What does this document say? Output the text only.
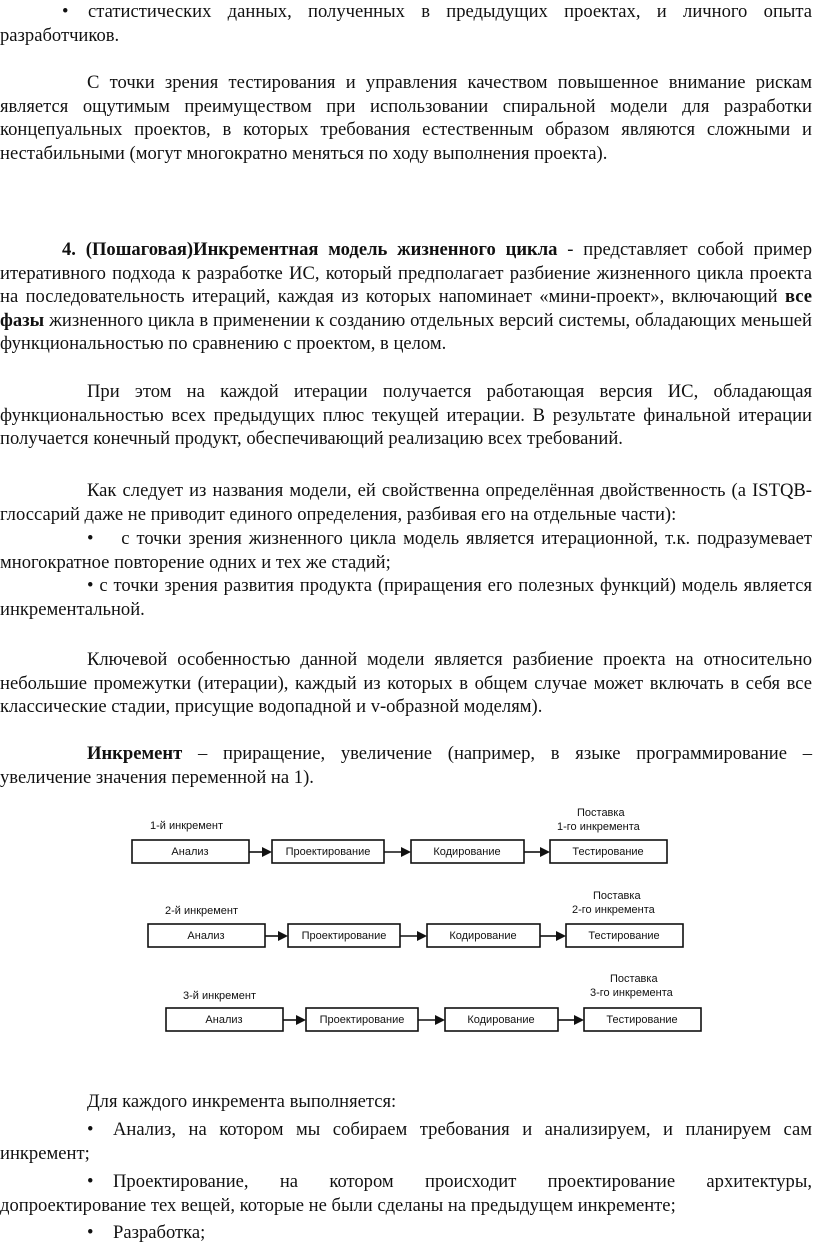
• статистических данных, полученных в предыдущих проектах, и личного опыта разработчиков.

С точки зрения тестирования и управления качеством повышенное внимание рискам является ощутимым преимуществом при использовании спиральной модели для разработки концепуальных проектов, в которых требования естественным образом являются сложными и нестабильными (могут многократно меняться по ходу выполнения проекта).

4. (Пошаговая)Инкрементная модель жизненного цикла - представляет собой пример итеративного подхода к разработке ИС, который предполагает разбиение жизненного цикла проекта на последовательность итераций, каждая из которых напоминает «мини-проект», включающий все фазы жизненного цикла в применении к созданию отдельных версий системы, обладающих меньшей функциональностью по сравнению с проектом, в целом.

При этом на каждой итерации получается работающая версия ИС, обладающая функциональностью всех предыдущих плюс текущей итерации. В результате финальной итерации получается конечный продукт, обеспечивающий реализацию всех требований.

Как следует из названия модели, ей свойственна определённая двойственность (а ISTQB-глоссарий даже не приводит единого определения, разбивая его на отдельные части):

• с точки зрения жизненного цикла модель является итерационной, т.к. подразумевает многократное повторение одних и тех же стадий;

• с точки зрения развития продукта (приращения его полезных функций) модель является инкрементальной.

Ключевой особенностью данной модели является разбиение проекта на относительно небольшие промежутки (итерации), каждый из которых в общем случае может включать в себя все классические стадии, присущие водопадной и v-образной моделям).

Инкремент – приращение, увеличение (например, в языке программирование – увеличение значения переменной на 1).

1-й инкремент
Поставка
1-го инкремента
Анализ	Проектирование	Кодирование	Тестирование
2-й инкремент
Поставка
2-го инкремента
Анализ	Проектирование	Кодирование	Тестирование
3-й инкремент
Поставка
3-го инкремента
Анализ	Проектирование	Кодирование	Тестирование

Для каждого инкремента выполняется:

• Анализ, на котором мы собираем требования и анализируем, и планируем сам инкремент;

• Проектирование, на котором происходит проектирование архитектуры, допроектирование тех вещей, которые не были сделаны на предыдущем инкременте;

• Разработка;
